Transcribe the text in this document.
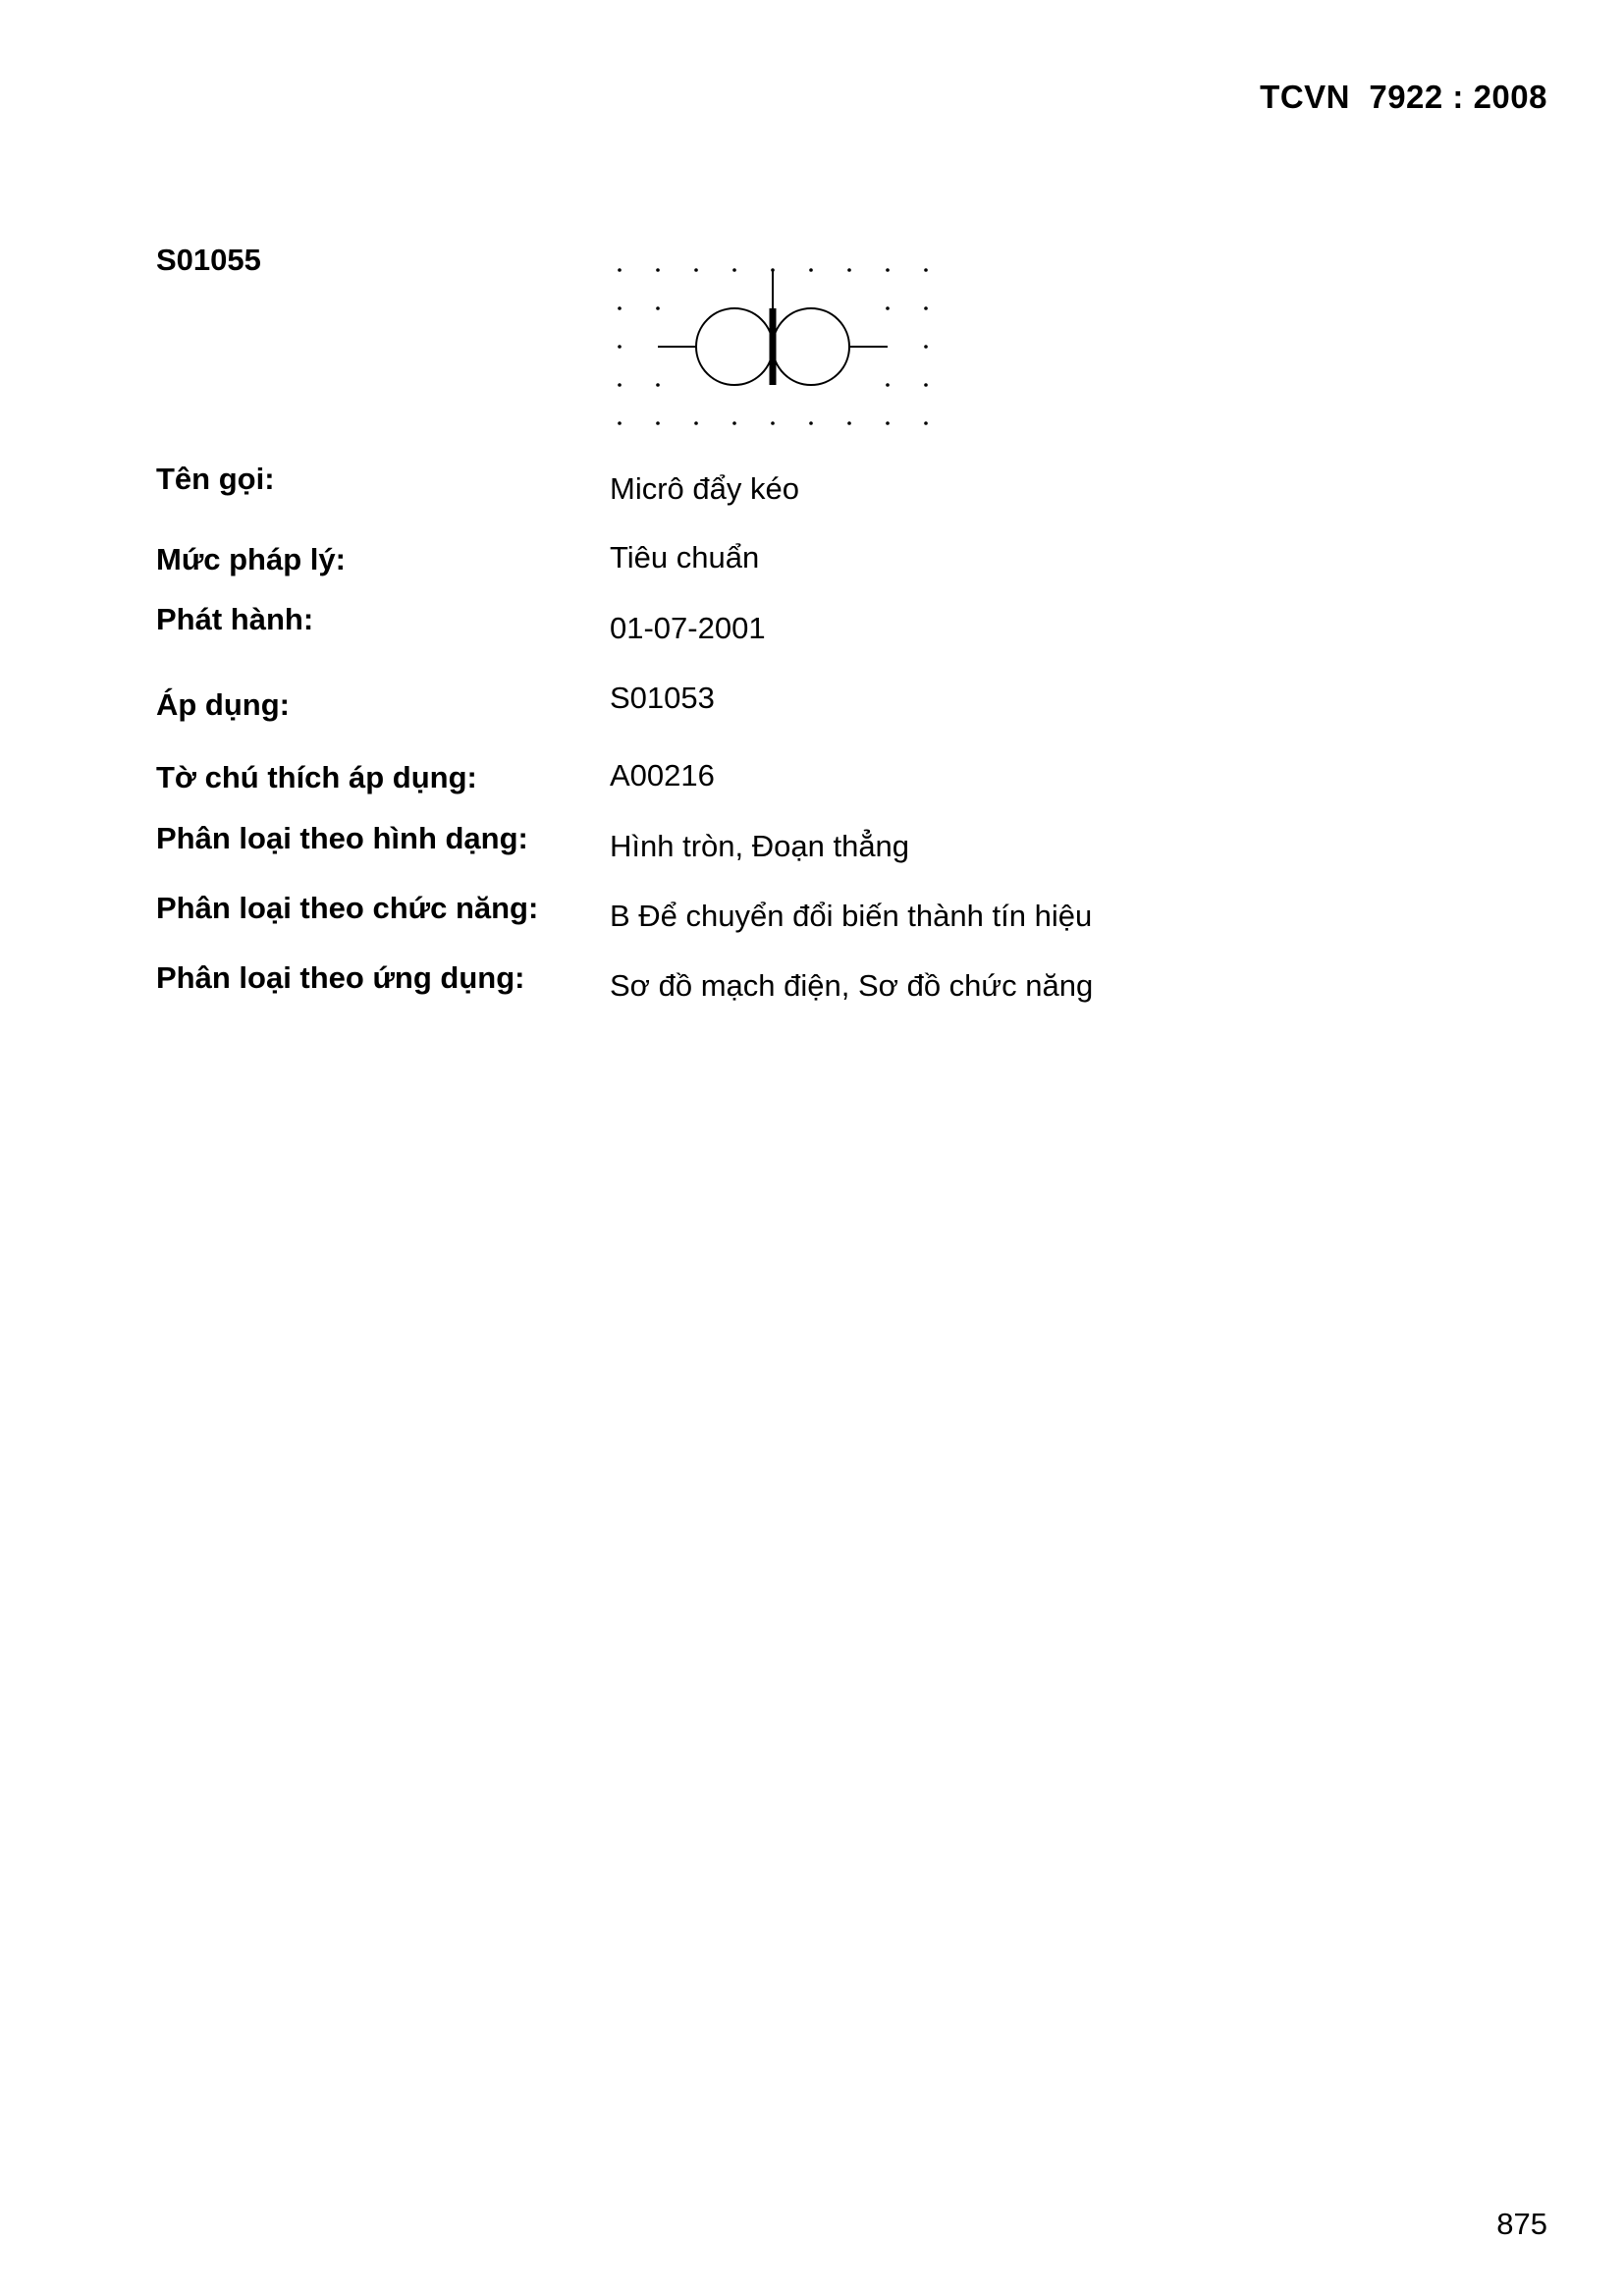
TCVN  7922 : 2008
S01055
Tên gọi:	Micrô đẩy kéo
Mức pháp lý:	Tiêu chuẩn
Phát hành:	01-07-2001
Áp dụng:	S01053
Tờ chú thích áp dụng:	A00216
Phân loại theo hình dạng:	Hình tròn, Đoạn thẳng
Phân loại theo chức năng: B Để chuyển đổi biến thành tín hiệu
Phân loại theo ứng dụng:	Sơ đồ mạch điện, Sơ đồ chức năng
875
